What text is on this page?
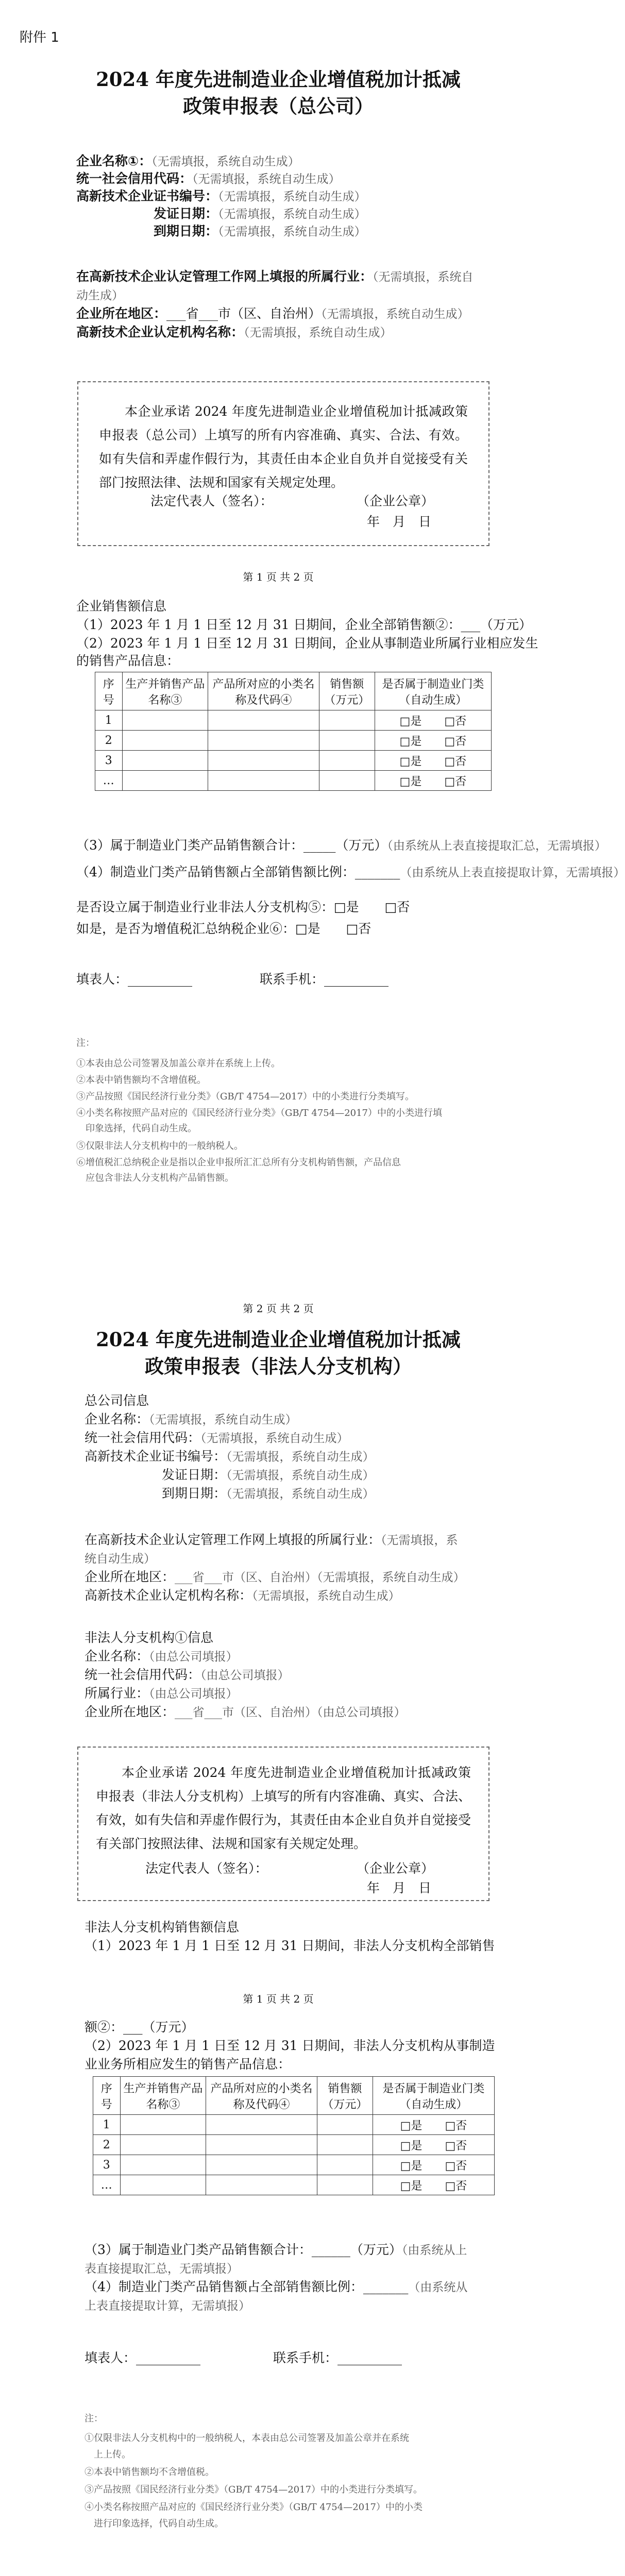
附件 1
2024 年度先进制造业企业增值税加计抵减
政策申报表（总公司）
企业名称①：（无需填报，系统自动生成）
统一社会信用代码：（无需填报，系统自动生成）
高新技术企业证书编号：（无需填报，系统自动生成）
发证日期：（无需填报，系统自动生成）
到期日期：（无需填报，系统自动生成）
在高新技术企业认定管理工作网上填报的所属行业：（无需填报，系统自
动生成）
企业所在地区：___省___市（区、自治州）（无需填报，系统自动生成）
高新技术企业认定机构名称：（无需填报，系统自动生成）
本企业承诺 2024 年度先进制造业企业增值税加计抵减政策申报表（总公司）上填写的所有内容准确、真实、合法、有效。如有失信和弄虚作假行为，其责任由本企业自负并自觉接受有关部门按照法律、法规和国家有关规定处理。
法定代表人（签名）：	（企业公章）
年　月　日
第 1 页 共 2 页
企业销售额信息
（1）2023 年 1 月 1 日至 12 月 31 日期间，企业全部销售额②：___（万元）
（2）2023 年 1 月 1 日至 12 月 31 日期间，企业从事制造业所属行业相应发生
的销售产品信息：
序号	生产并销售产品名称③	产品所对应的小类名称及代码④	销售额（万元）	是否属于制造业门类（自动生成）
1				□是　　 □否
2				□是　　 □否
3				□是　　 □否
…				□是　　 □否
（3）属于制造业门类产品销售额合计：_____（万元）（由系统从上表直接提取汇总，无需填报）
（4）制造业门类产品销售额占全部销售额比例：_______（由系统从上表直接提取计算，无需填报）
是否设立属于制造业行业非法人分支机构⑤：□是　　□否
如是，是否为增值税汇总纳税企业⑥：□是　　□否
填表人：__________	联系手机：__________
注：
①本表由总公司签署及加盖公章并在系统上上传。
②本表中销售额均不含增值税。
③产品按照《国民经济行业分类》（GB/T 4754—2017）中的小类进行分类填写。
④小类名称按照产品对应的《国民经济行业分类》（GB/T 4754—2017）中的小类进行填
　印象选择，代码自动生成。
⑤仅限非法人分支机构中的一般纳税人。
⑥增值税汇总纳税企业是指以企业申报所汇汇总所有分支机构销售额，产品信息
　应包含非法人分支机构产品销售额。
第 2 页 共 2 页
2024 年度先进制造业企业增值税加计抵减
政策申报表（非法人分支机构）
总公司信息
企业名称：（无需填报，系统自动生成）
统一社会信用代码：（无需填报，系统自动生成）
高新技术企业证书编号：（无需填报，系统自动生成）
发证日期：（无需填报，系统自动生成）
到期日期：（无需填报，系统自动生成）
在高新技术企业认定管理工作网上填报的所属行业：（无需填报，系
统自动生成）
企业所在地区：___省___市（区、自治州）（无需填报，系统自动生成）
高新技术企业认定机构名称：（无需填报，系统自动生成）
非法人分支机构①信息
企业名称：（由总公司填报）
统一社会信用代码：（由总公司填报）
所属行业：（由总公司填报）
企业所在地区：___省___市（区、自治州）（由总公司填报）
本企业承诺 2024 年度先进制造业企业增值税加计抵减政策申报表（非法人分支机构）上填写的所有内容准确、真实、合法、有效，如有失信和弄虚作假行为，其责任由本企业自负并自觉接受有关部门按照法律、法规和国家有关规定处理。
法定代表人（签名）：	（企业公章）
年　月　日
非法人分支机构销售额信息
（1）2023 年 1 月 1 日至 12 月 31 日期间，非法人分支机构全部销售
第 1 页 共 2 页
额②：___（万元）
（2）2023 年 1 月 1 日至 12 月 31 日期间，非法人分支机构从事制造
业业务所相应发生的销售产品信息：
序号	生产并销售产品名称③	产品所对应的小类名称及代码④	销售额（万元）	是否属于制造业门类（自动生成）
1				□是　　 □否
2				□是　　 □否
3				□是　　 □否
…				□是　　 □否
（3）属于制造业门类产品销售额合计：______（万元）（由系统从上
表直接提取汇总，无需填报）
（4）制造业门类产品销售额占全部销售额比例：_______（由系统从
上表直接提取计算，无需填报）
填表人：__________	联系手机：__________
注：
①仅限非法人分支机构中的一般纳税人，本表由总公司签署及加盖公章并在系统
　上上传。
②本表中销售额均不含增值税。
③产品按照《国民经济行业分类》（GB/T 4754—2017）中的小类进行分类填写。
④小类名称按照产品对应的《国民经济行业分类》（GB/T 4754—2017）中的小类
　进行印象选择，代码自动生成。
